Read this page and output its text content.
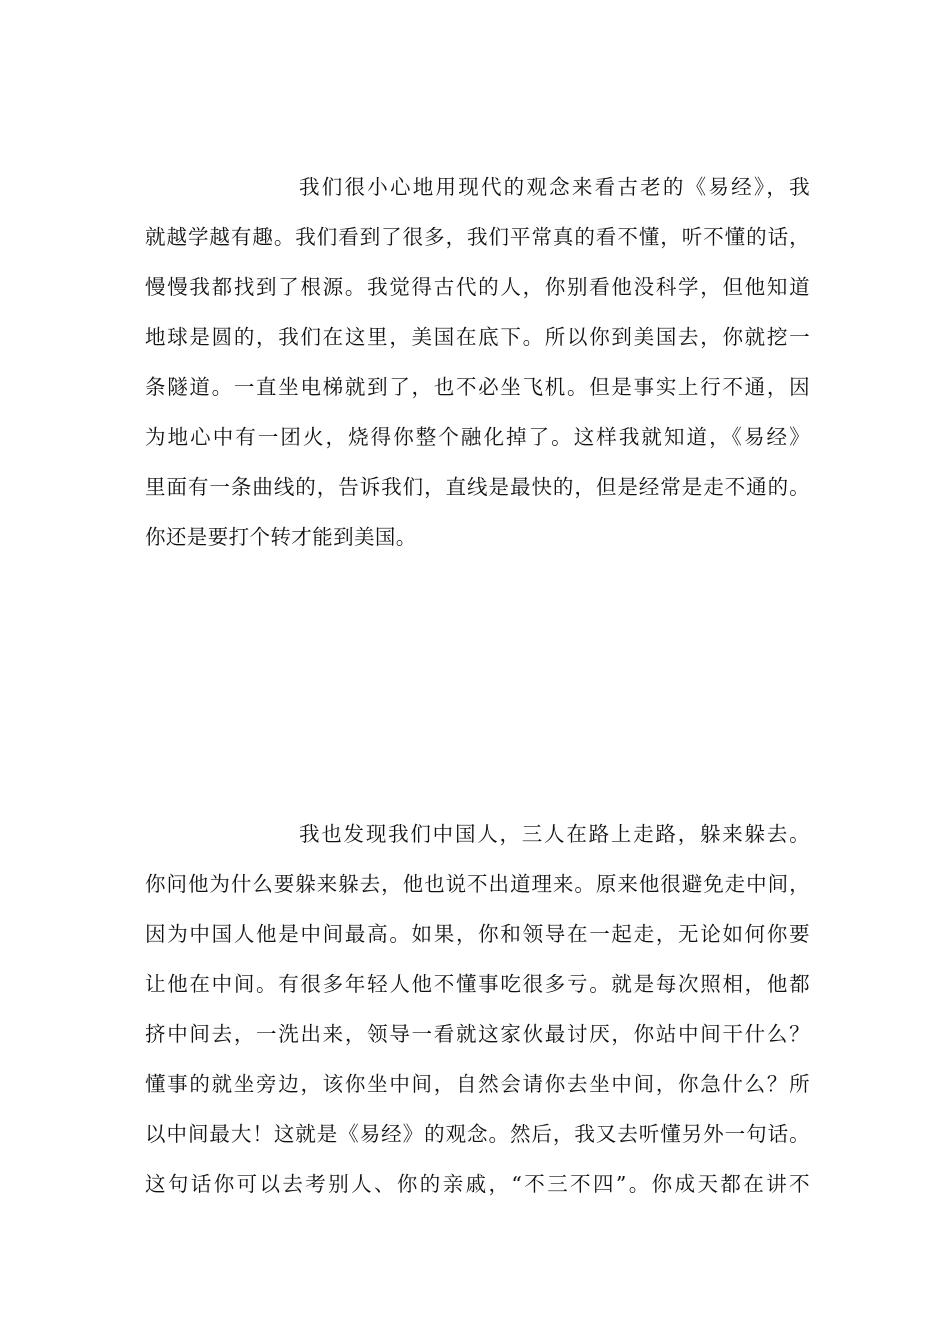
我们很小心地用现代的观念来看古老的《易经》，我
就越学越有趣。我们看到了很多，我们平常真的看不懂，听不懂的话，
慢慢我都找到了根源。我觉得古代的人，你别看他没科学，但他知道
地球是圆的，我们在这里，美国在底下。所以你到美国去，你就挖一
条隧道。一直坐电梯就到了，也不必坐飞机。但是事实上行不通，因
为地心中有一团火，烧得你整个融化掉了。这样我就知道，《易经》
里面有一条曲线的，告诉我们，直线是最快的，但是经常是走不通的。
你还是要打个转才能到美国。
我也发现我们中国人，三人在路上走路，躲来躲去。
你问他为什么要躲来躲去，他也说不出道理来。原来他很避免走中间，
因为中国人他是中间最高。如果，你和领导在一起走，无论如何你要
让他在中间。有很多年轻人他不懂事吃很多亏。就是每次照相，他都
挤中间去，一洗出来，领导一看就这家伙最讨厌，你站中间干什么？
懂事的就坐旁边，该你坐中间，自然会请你去坐中间，你急什么？所
以中间最大！这就是《易经》的观念。然后，我又去听懂另外一句话。
这句话你可以去考别人、你的亲戚，“不三不四”。你成天都在讲不
